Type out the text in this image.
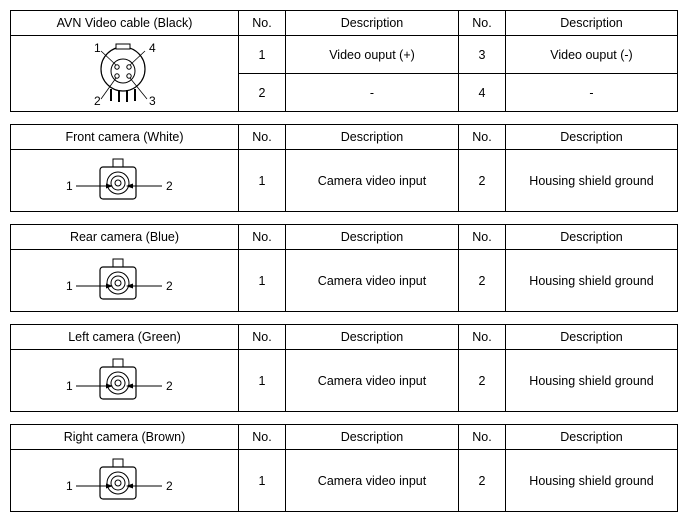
AVN Video cable (Black)	No.	Description	No.	Description

1
2 3
4	1	Video ouput (+)	3	Video ouput (-)
	2	-	4	-
Front camera (White)	No.	Description	No.	Description

1 2	1	Camera video input	2	Housing shield ground
Rear camera (Blue)	No.	Description	No.	Description

1 2	1	Camera video input	2	Housing shield ground
Left camera (Green)	No.	Description	No.	Description

1 2	1	Camera video input	2	Housing shield ground
Right camera (Brown)	No.	Description	No.	Description

1 2	1	Camera video input	2	Housing shield ground
